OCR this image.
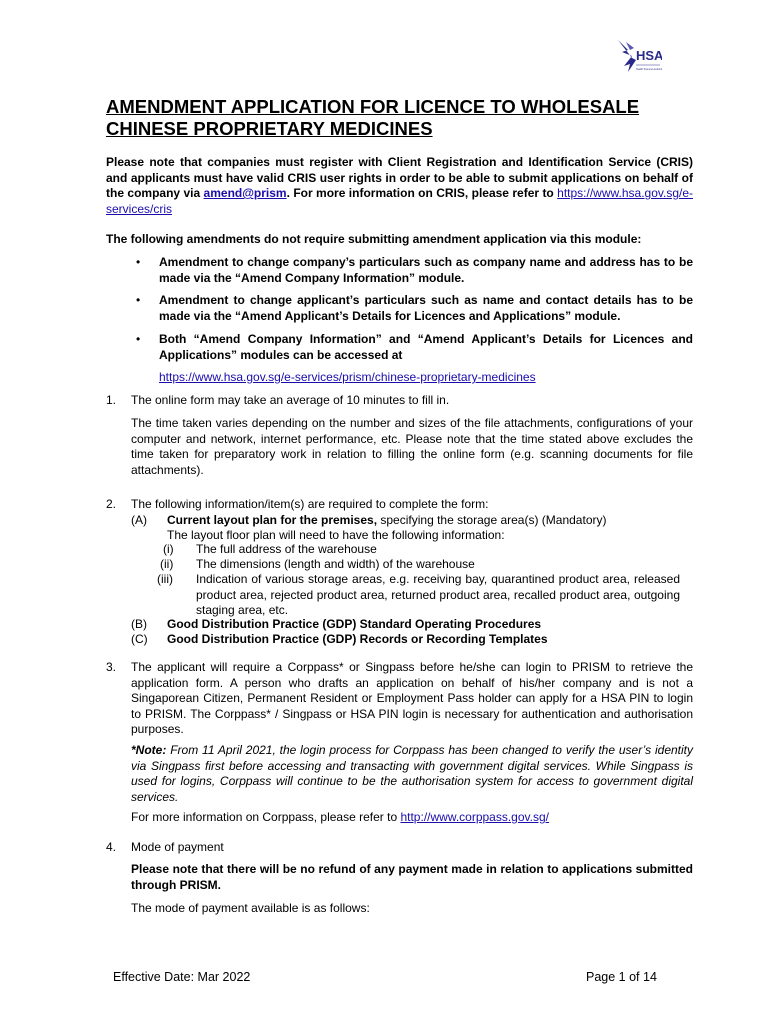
HSA
Health Sciences Authority
AMENDMENT APPLICATION FOR LICENCE TO WHOLESALE CHINESE PROPRIETARY MEDICINES
Please note that companies must register with Client Registration and Identification Service (CRIS) and applicants must have valid CRIS user rights in order to be able to submit applications on behalf of the company via amend@prism. For more information on CRIS, please refer to https://www.hsa.gov.sg/e-services/cris
The following amendments do not require submitting amendment application via this module:
• Amendment to change company’s particulars such as company name and address has to be made via the “Amend Company Information” module.
• Amendment to change applicant’s particulars such as name and contact details has to be made via the “Amend Applicant’s Details for Licences and Applications” module.
• Both “Amend Company Information” and “Amend Applicant’s Details for Licences and Applications” modules can be accessed at
https://www.hsa.gov.sg/e-services/prism/chinese-proprietary-medicines
1. The online form may take an average of 10 minutes to fill in.
The time taken varies depending on the number and sizes of the file attachments, configurations of your computer and network, internet performance, etc. Please note that the time stated above excludes the time taken for preparatory work in relation to filling the online form (e.g. scanning documents for file attachments).
2. The following information/item(s) are required to complete the form:
(A) Current layout plan for the premises, specifying the storage area(s) (Mandatory)
The layout floor plan will need to have the following information:
(i) The full address of the warehouse
(ii) The dimensions (length and width) of the warehouse
(iii) Indication of various storage areas, e.g. receiving bay, quarantined product area, released product area, rejected product area, returned product area, recalled product area, outgoing staging area, etc.
(B) Good Distribution Practice (GDP) Standard Operating Procedures
(C) Good Distribution Practice (GDP) Records or Recording Templates
3. The applicant will require a Corppass* or Singpass before he/she can login to PRISM to retrieve the application form. A person who drafts an application on behalf of his/her company and is not a Singaporean Citizen, Permanent Resident or Employment Pass holder can apply for a HSA PIN to login to PRISM. The Corppass* / Singpass or HSA PIN login is necessary for authentication and authorisation purposes.
*Note: From 11 April 2021, the login process for Corppass has been changed to verify the user’s identity via Singpass first before accessing and transacting with government digital services. While Singpass is used for logins, Corppass will continue to be the authorisation system for access to government digital services.
For more information on Corppass, please refer to http://www.corppass.gov.sg/
4. Mode of payment
Please note that there will be no refund of any payment made in relation to applications submitted through PRISM.
The mode of payment available is as follows:
Effective Date: Mar 2022	Page 1 of 14
